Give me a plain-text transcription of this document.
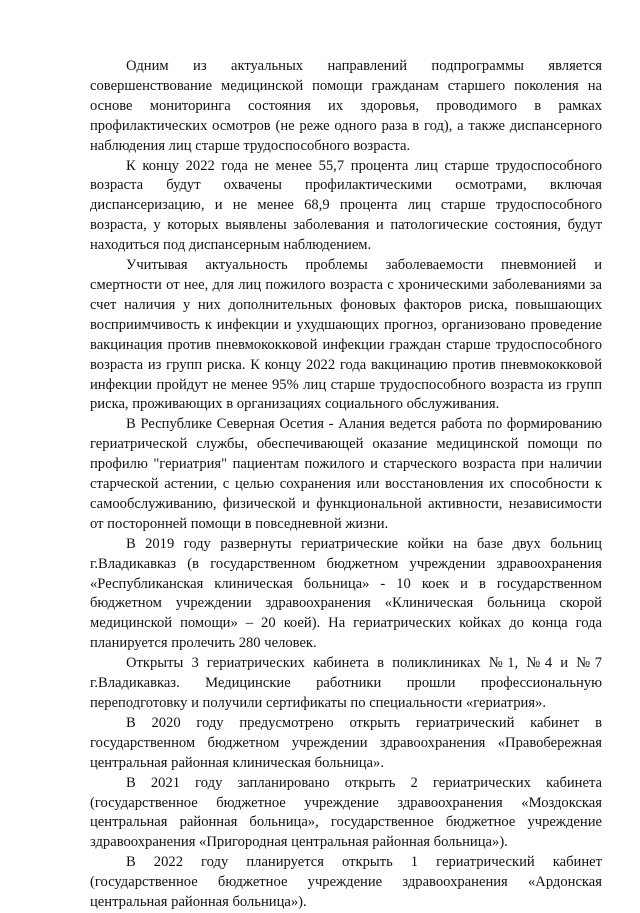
Одним из актуальных направлений подпрограммы является совершенствование медицинской помощи гражданам старшего поколения на основе мониторинга состояния их здоровья, проводимого в рамках профилактических осмотров (не реже одного раза в год), а также диспансерного наблюдения лиц старше трудоспособного возраста.

К концу 2022 года не менее 55,7 процента лиц старше трудоспособного возраста будут охвачены профилактическими осмотрами, включая диспансеризацию, и не менее 68,9 процента лиц старше трудоспособного возраста, у которых выявлены заболевания и патологические состояния, будут находиться под диспансерным наблюдением.

Учитывая актуальность проблемы заболеваемости пневмонией и смертности от нее, для лиц пожилого возраста с хроническими заболеваниями за счет наличия у них дополнительных фоновых факторов риска, повышающих восприимчивость к инфекции и ухудшающих прогноз, организовано проведение вакцинация против пневмококковой инфекции граждан старше трудоспособного возраста из групп риска. К концу 2022 года вакцинацию против пневмококковой инфекции пройдут не менее 95% лиц старше трудоспособного возраста из групп риска, проживающих в организациях социального обслуживания.

В Республике Северная Осетия - Алания ведется работа по формированию гериатрической службы, обеспечивающей оказание медицинской помощи по профилю "гериатрия" пациентам пожилого и старческого возраста при наличии старческой астении, с целью сохранения или восстановления их способности к самообслуживанию, физической и функциональной активности, независимости от посторонней помощи в повседневной жизни.

В 2019 году развернуты гериатрические койки на базе двух больниц г.Владикавказ (в государственном бюджетном учреждении здравоохранения «Республиканская клиническая больница» - 10 коек и в государственном бюджетном учреждении здравоохранения «Клиническая больница скорой медицинской помощи» – 20 коей). На гериатрических койках до конца года планируется пролечить 280 человек.

Открыты 3 гериатрических кабинета в поликлиниках №1, №4 и №7 г.Владикавказ. Медицинские работники прошли профессиональную переподготовку и получили сертификаты по специальности «гериатрия».

В 2020 году предусмотрено открыть гериатрический кабинет в государственном бюджетном учреждении здравоохранения «Правобережная центральная районная клиническая больница».

В 2021 году запланировано открыть 2 гериатрических кабинета (государственное бюджетное учреждение здравоохранения «Моздокская центральная районная больница», государственное бюджетное учреждение здравоохранения «Пригородная центральная районная больница»).

В 2022 году планируется открыть 1 гериатрический кабинет (государственное бюджетное учреждение здравоохранения «Ардонская центральная районная больница»).
